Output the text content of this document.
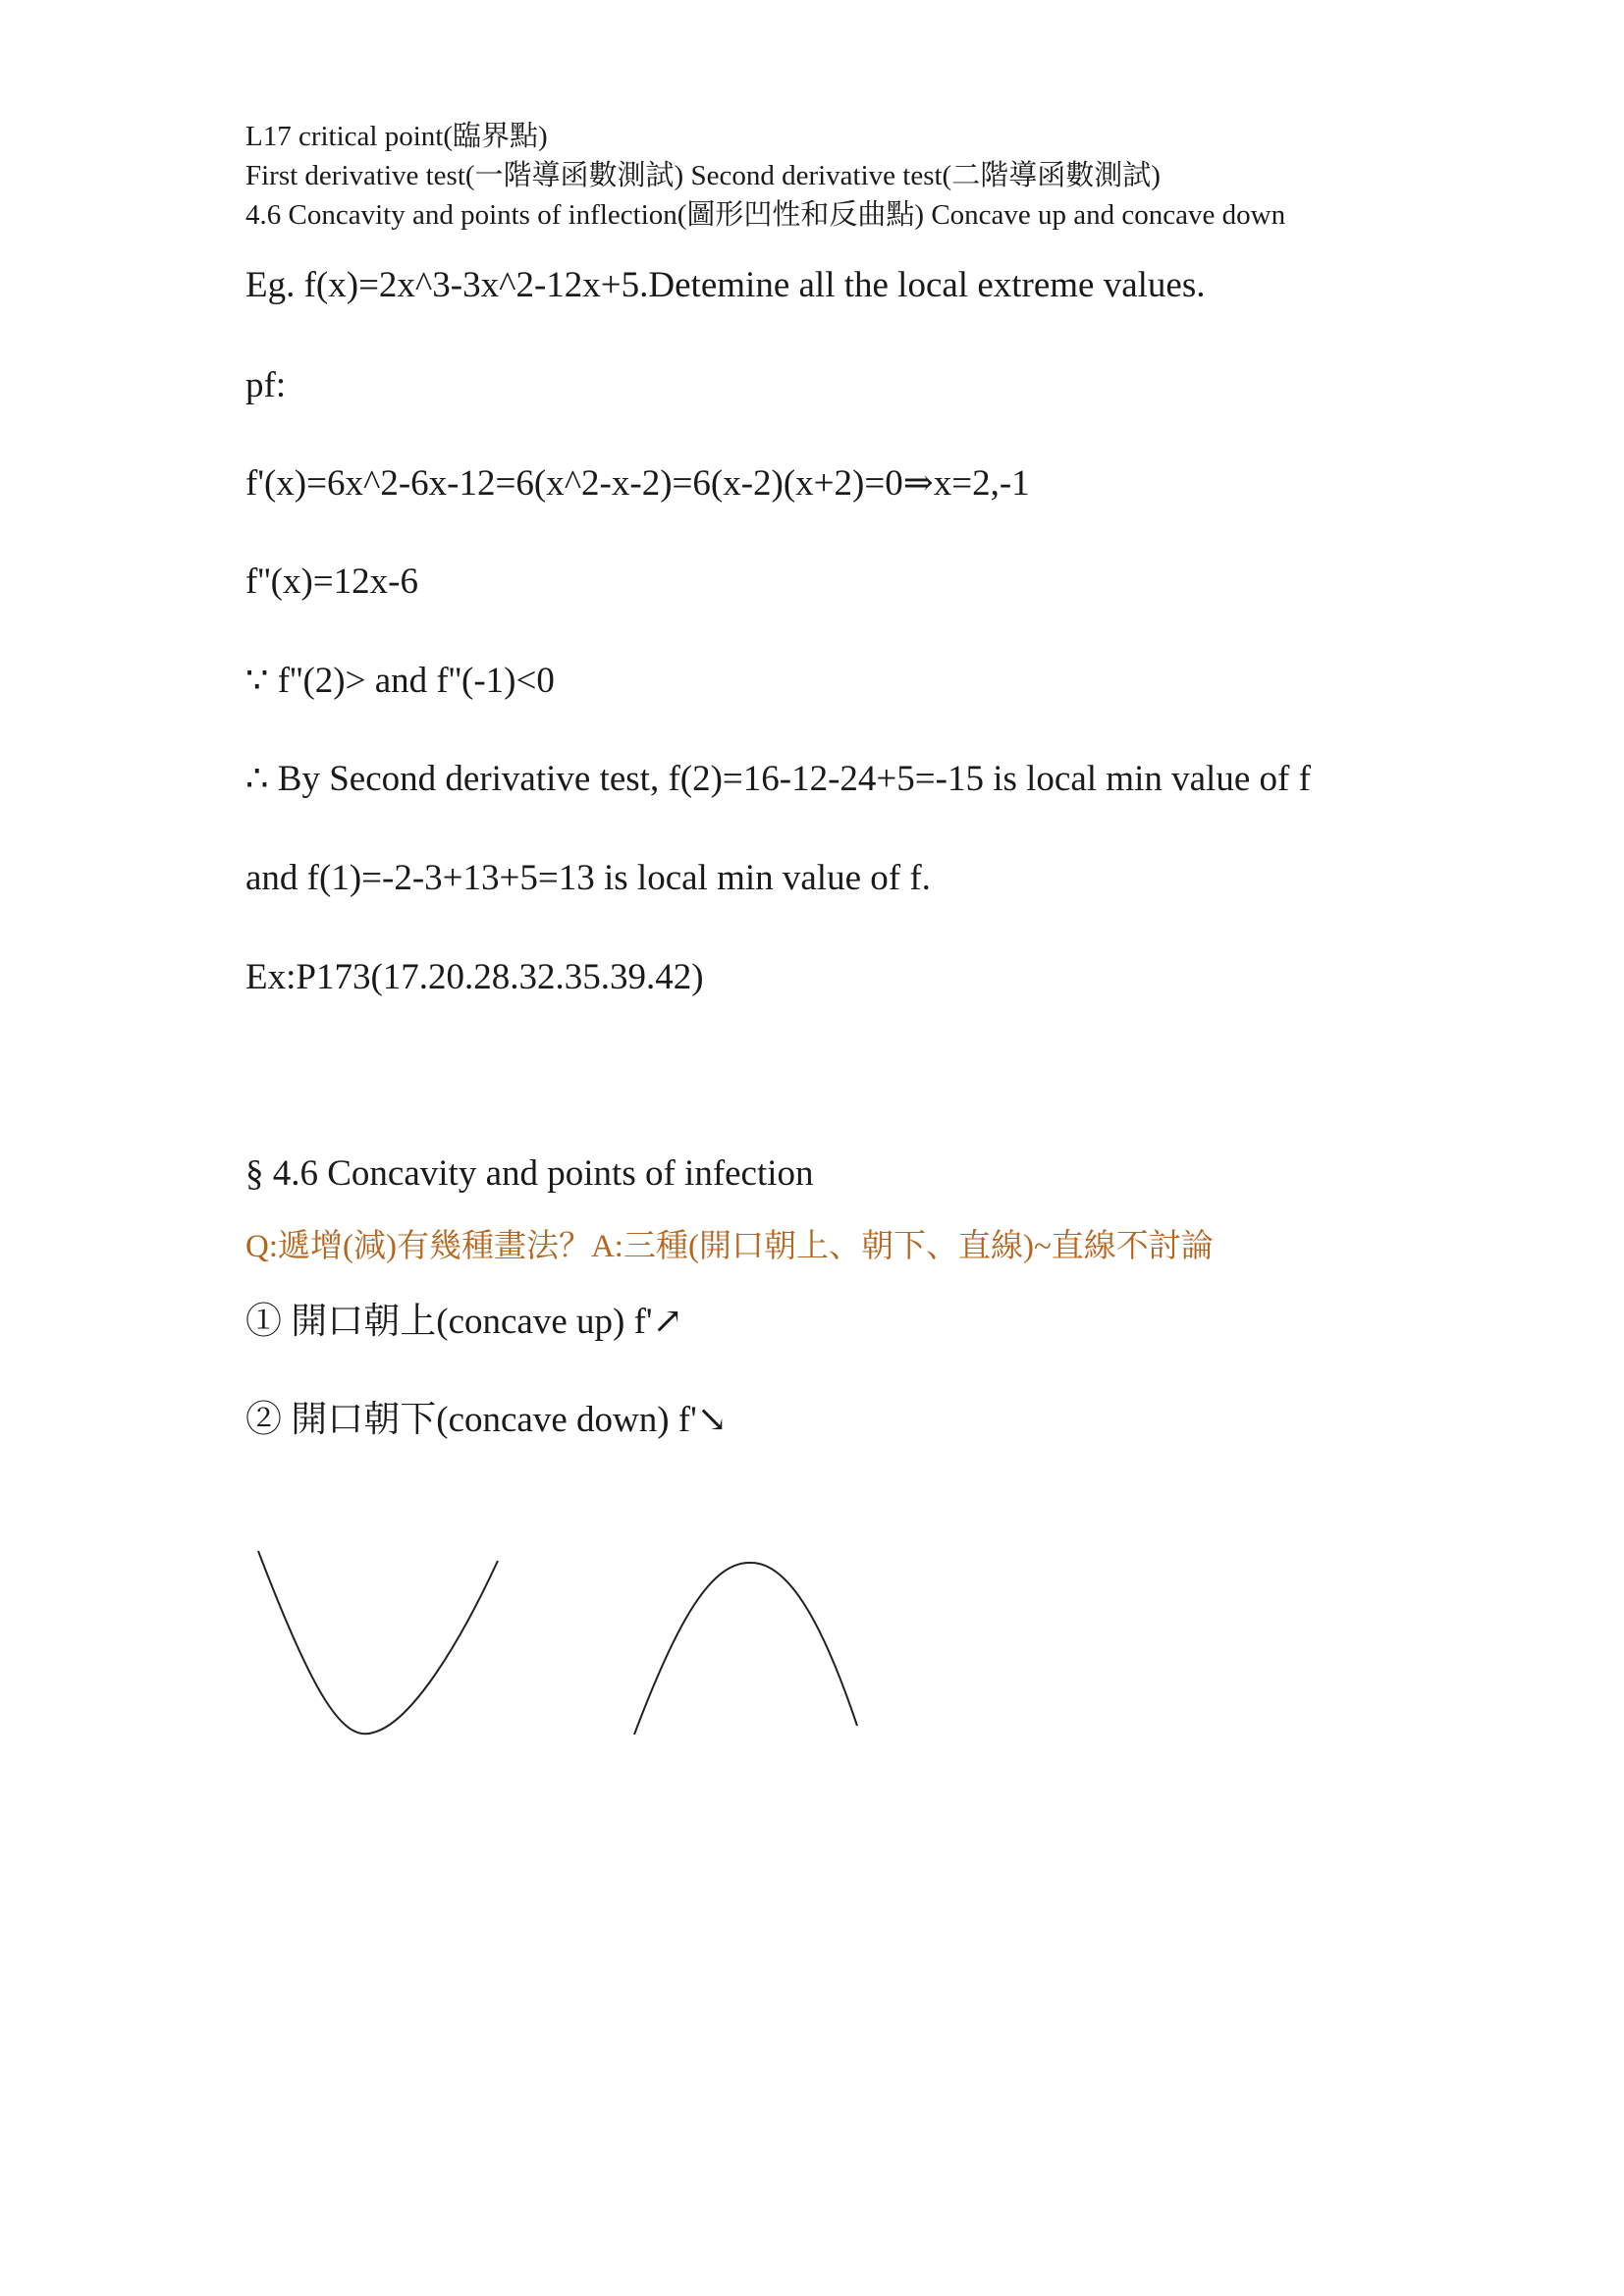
L17 critical point(臨界點)
First derivative test(一階導函數測試) Second derivative test(二階導函數測試)
4.6 Concavity and points of inflection(圖形凹性和反曲點) Concave up and concave down
Eg. f(x)=2x^3-3x^2-12x+5.Detemine all the local extreme values.
pf:
f'(x)=6x^2-6x-12=6(x^2-x-2)=6(x-2)(x+2)=0⇒x=2,-1
f''(x)=12x-6
∵ f''(2)> and f''(-1)<0
∴ By Second derivative test, f(2)=16-12-24+5=-15 is local min value of f
and f(1)=-2-3+13+5=13 is local min value of f.
Ex:P173(17.20.28.32.35.39.42)
§ 4.6 Concavity and points of infection
Q:遞增(減)有幾種畫法？A:三種(開口朝上、朝下、直線)~直線不討論
① 開口朝上(concave up) f'↗
② 開口朝下(concave down) f'↘
